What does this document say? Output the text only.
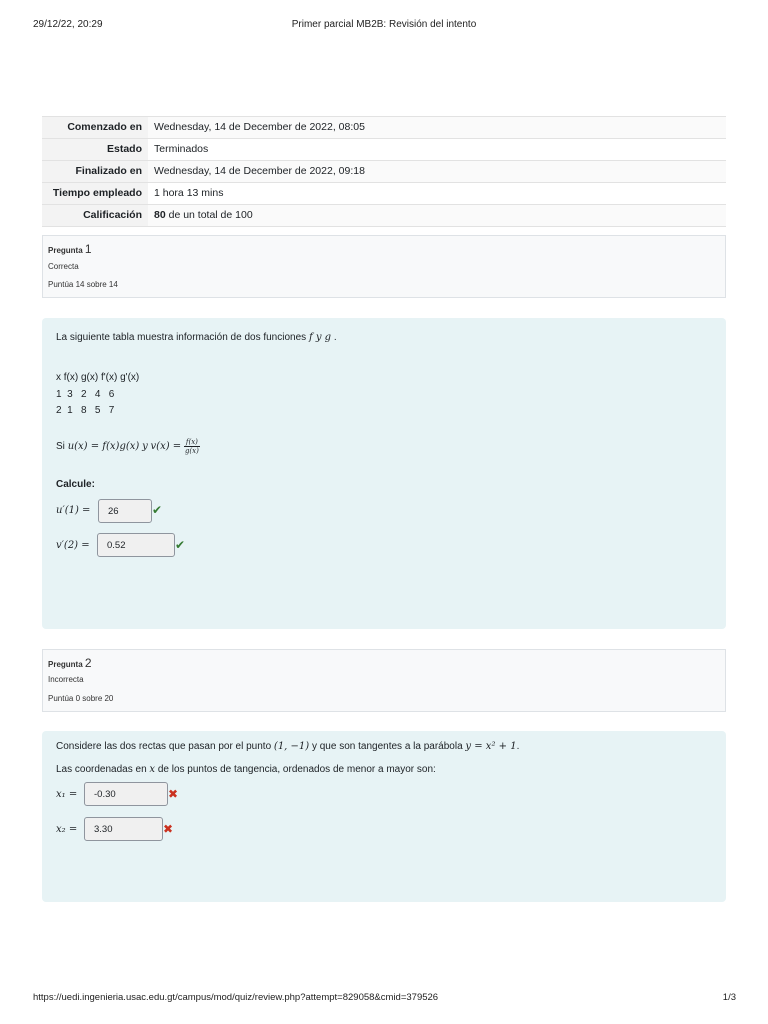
29/12/22, 20:29	Primer parcial MB2B: Revisión del intento
Comenzado en	Wednesday, 14 de December de 2022, 08:05
Estado	Terminados
Finalizado en	Wednesday, 14 de December de 2022, 09:18
Tiempo empleado	1 hora 13 mins
Calificación	80 de un total de 100
Pregunta 1
Correcta
Puntúa 14 sobre 14
La siguiente tabla muestra información de dos funciones f y g .
x f(x) g(x) f'(x) g'(x)
1  3   2   4   6
2  1   8   5   7
Si u(x) = f(x)g(x) y $v(x) = \frac{f(x)}{g(x)}$
Calcule:
u′(1) =	26	✔
v′(2) =	0.52	✔
Pregunta 2
Incorrecta
Puntúa 0 sobre 20
Considere las dos rectas que pasan por el punto (1, −1) y que son tangentes a la parábola y = x² + 1.
Las coordenadas en x de los puntos de tangencia, ordenados de menor a mayor son:
x₁ =	-0.30	✖
x₂ =	3.30	✖
https://uedi.ingenieria.usac.edu.gt/campus/mod/quiz/review.php?attempt=829058&cmid=379526	1/3
